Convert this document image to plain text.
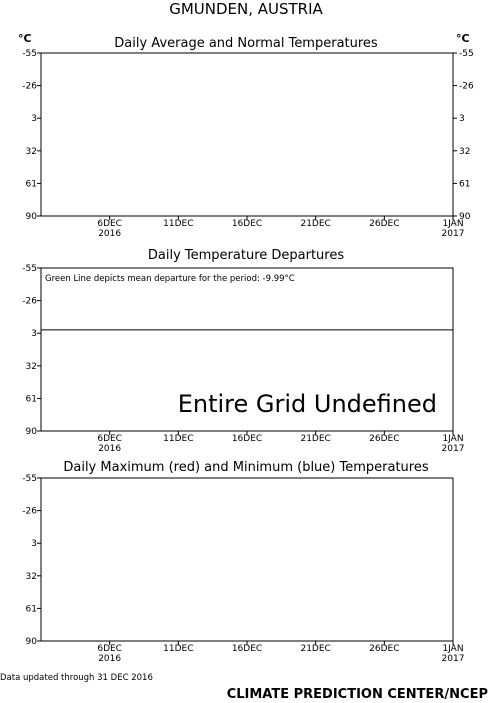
GMUNDEN, AUSTRIA
Daily Average and Normal Temperatures
°C	°C
-55
-26
3
32
61
90
-55
-26
3
32
61
90
6DEC
2016
11DEC	16DEC	21DEC	26DEC	1JAN
2017
Daily Temperature Departures
Green Line depicts mean departure for the period: -9.99°C
Entire Grid Undefined
-55
-26
3
32
61
90
6DEC
2016
11DEC	16DEC	21DEC	26DEC	1JAN
2017
Daily Maximum (red) and Minimum (blue) Temperatures
-55
-26
3
32
61
90
6DEC
2016
11DEC	16DEC	21DEC	26DEC	1JAN
2017
Data updated through 31 DEC 2016
CLIMATE PREDICTION CENTER/NCEP
